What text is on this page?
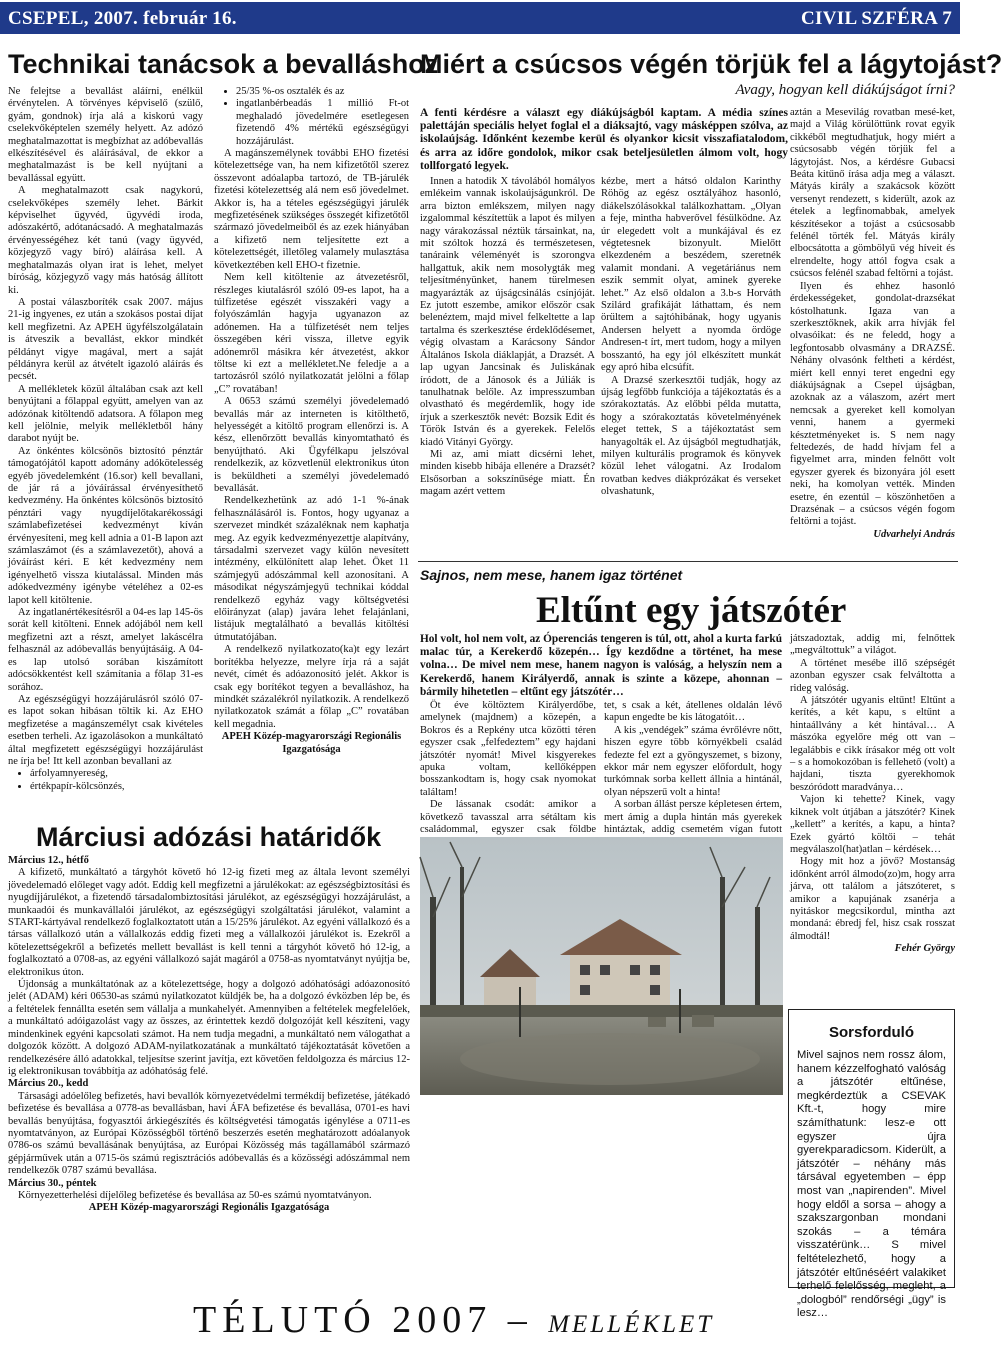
CSEPEL, 2007. február 16.	CIVIL SZFÉRA 7
Technikai tanácsok a bevalláshoz

Ne felejtse a bevallást aláírni, enélkül érvénytelen. A törvényes képviselő (szülő, gyám, gondnok) írja alá a kiskorú vagy cselekvőképtelen személy helyett. Az adózó meghatalmazottat is megbízhat az adóbevallás elkészítésével és aláírásával, de ekkor a meghatalmazást is be kell nyújtani a bevallással együtt.

A meghatalmazott csak nagykorú, cselekvőképes személy lehet. Bárkit képviselhet ügyvéd, ügyvédi iroda, adószakértő, adótanácsadó. A meghatalmazás érvényességéhez két tanú (vagy ügyvéd, közjegyző vagy bíró) aláírása kell. A meghatalmazás olyan irat is lehet, melyet bíróság, közjegyző vagy más hatóság állított ki.

A postai válaszboríték csak 2007. május 21-ig ingyenes, ez után a szokásos postai díjat kell megfizetni. Az APEH ügyfélszolgálatain is átveszik a bevallást, ekkor mindkét példányt vigye magával, mert a saját példányra kerül az átvételt igazoló aláírás és pecsét.

A mellékletek közül általában csak azt kell benyújtani a főlappal együtt, amelyen van az adózónak kitöltendő adatsora. A főlapon meg kell jelölnie, melyik mellékletből hány darabot nyújt be.

Az önkéntes kölcsönös biztosító pénztár támogatójától kapott adomány adókötelesség egyéb jövedelemként (16.sor) kell bevallani, de jár rá a jóváírással érvényesíthető kedvezmény. Ha önkéntes kölcsönös biztosító pénztári vagy nyugdíjelőtakarékossági számlabefizetései kedvezményt kíván érvényesíteni, meg kell adnia a 01-B lapon azt számlaszámot (és a számlavezetőt), ahová a jóváírást kéri. E két kedvezmény nem igényelhető vissza kiutalással. Minden más adókedvezmény igénybe vételéhez a 02-es lapot kell kitöltenie.

Az ingatlanértékesítésről a 04-es lap 145-ös sorát kell kitölteni. Ennek adójából nem kell megfizetni azt a részt, amelyet lakáscélra felhasznál az adóbevallás benyújtásáig. A 04-es lap utolsó sorában kiszámított adócsökkentést kell számítania a főlap 31-es sorához.

Az egészségügyi hozzájárulásról szóló 07-es lapot sokan hibásan töltik ki. Az EHO megfizetése a magánszemélyt csak kivételes esetben terheli. Az igazolásokon a munkáltató által megfizetett egészségügyi hozzájárulást ne írja be! Itt kell azonban bevallani az

• árfolyamnyereség,
• értékpapír-kölcsönzés,
• 25/35 %-os osztalék és az
• ingatlanbérbeadás 1 millió Ft-ot meghaladó jövedelmére esetlegesen fizetendő 4% mértékű egészségügyi hozzájárulást.

A magánszemélynek további EHO fizetési kötelezettsége van, ha nem kifizetőtől szerez összevont adóalapba tartozó, de TB-járulék fizetési kötelezettség alá nem eső jövedelmet. Akkor is, ha a tételes egészségügyi járulék megfizetésének szükséges összegét kifizetőtől származó jövedelmeiből és az ezek hiányában a kifizető nem teljesítette ezt a kötelezettségét, illetőleg valamely mulasztása következtében kell EHO-t fizetnie.

Nem kell kitöltenie az átvezetésről, részleges kiutalásról szóló 09-es lapot, ha a túlfizetése egészét visszakéri vagy a folyószámlán hagyja ugyanazon az adónemen. Ha a túlfizetését nem teljes összegében kéri vissza, illetve egyik adónemről másikra kér átvezetést, akkor töltse ki ezt a mellékletet.Ne feledje a a tartozásról szóló nyilatkozatát jelölni a főlap „C” rovatában!

A 0653 számú személyi jövedelemadó bevallás már az interneten is kitölthető, helyességét a kitöltő program ellenőrzi is. A kész, ellenőrzött bevallás kinyomtatható és benyújtható. Aki Ügyfélkapu jelszóval rendelkezik, az közvetlenül elektronikus úton is beküldheti a személyi jövedelemadó bevallását.

Rendelkezhetünk az adó 1-1 %-ának felhasználásáról is. Fontos, hogy ugyanaz a szervezet mindkét százaléknak nem kaphatja meg. Az egyik kedvezményezettje alapítvány, társadalmi szervezet vagy külön nevesített intézmény, elkülönített alap lehet. Öket 11 számjegyű adószámmal kell azonosítani. A másodikat négyszámjegyű technikai kóddal rendelkező egyház vagy költségvetési előirányzat (alap) javára lehet felajánlani, listájuk megtalálható a bevallás kitöltési útmutatójában.

A rendelkező nyilatkozato(ka)t egy lezárt borítékba helyezze, melyre írja rá a saját nevét, címét és adóazonosító jelét. Akkor is csak egy borítékot tegyen a bevalláshoz, ha mindkét százalékról nyilatkozik. A rendelkező nyilatkozatok számát a főlap „C” rovatában kell megadnia.

APEH Közép-magyarországi Regionális Igazgatósága

Miért a csúcsos végén törjük fel a lágytojást?
Avagy, hogyan kell diákújságot írni?
A fenti kérdésre a választ egy diákújságból kaptam. A média színes palettáján speciális helyet foglal el a diáksajtó, vagy másképpen szólva, az iskolaújság. Időnként kezembe kerül és olyankor kicsit visszafiatalodom, és arra az időre gondolok, mikor csak beteljesületlen álmom volt, hogy tollforgató legyek.

Innen a hatodik X távolából homályos emlékeim vannak iskolaújságunkról. De arra bizton emlékszem, milyen nagy izgalommal készítettük a lapot és milyen nagy várakozással néztük társainkat, na, mit szóltok hozzá és természetesen, tanáraink véleményét is szorongva hallgattuk, akik nem mosolygták meg teljesítményünket, hanem türelmesen magyarázták az újságcsinálás csínjóját. Ez jutott eszembe, amikor először csak belenéztem, majd mivel felkeltette a lap tartalma és szerkesztése érdeklődésemet, végig olvastam a Karácsony Sándor Általános Iskola diáklapját, a Drazsét. A lap ugyan Jancsinak és Juliskának íródott, de a Jánosok és a Júliák is tanulhatnak belőle. Az impresszumban olvastható és megérdemlik, hogy ide írjuk a szerkesztők nevét: Bozsik Edit és Török István és a gyerekek. Felelős kiadó Vitányi György.

Mi az, ami miatt dicsérni lehet, minden kisebb hibája ellenére a Drazsét? Elsősorban a sokszínűsége miatt. Én magam azért vettem

kézbe, mert a hátsó oldalon Karinthy Röhög az egész osztályához hasonló, diákelszólásokkal találkozhattam. „Olyan a feje, mintha habverővel fésülködne. Az úr elegedett volt a munkájával és ez végtetesnek bizonyult. Mielőtt elkezdeném a beszédem, szeretnék valamit mondani. A vegetáriánus nem eszik semmit olyat, aminek gyereke lehet.” Az első oldalon a 3.b-s Horváth Szilárd grafikáját láthattam, és nem örültem a sajtóhibának, hogy ugyanis Andersen helyett a nyomda ördöge Andresen-t írt, mert tudom, hogy a milyen bosszantó, ha egy jól elkészített munkát egy apró hiba elcsúfít.

A Drazsé szerkesztői tudják, hogy az újság legfőbb funkciója a tájékoztatás és a szórakoztatás. Az előbbi példa mutatta, hogy a szórakoztatás követelményének eleget tettek, S a tájékoztatást sem hanyagolták el. Az újságból megtudhatják, milyen kulturális programok és könyvek közül lehet válogatni. Az Irodalom rovatban kedves diákprózákat és verseket olvashatunk,

aztán a Mesevilág rovatban mesé-ket, majd a Világ körülöttünk rovat egyik cikkéből megtudhatjuk, hogy miért a csúcsosabb végén törjük fel a lágytojást. Nos, a kérdésre Gubacsi Beáta kitűnő írása adja meg a választ. Mátyás király a szakácsok között versenyt rendezett, s kiderült, azok az ételek a legfinomabbak, amelyek készítésekor a tojást a csúcsosabb felénél törték fel. Mátyás király elbocsátotta a gömbölyű vég híveit és elrendelte, hogy attól fogva csak a csúcsos felénél szabad feltörni a tojást.

Ilyen és ehhez hasonló érdekességeket, gondolat-drazsékat kóstolhatunk. Igaza van a szerkesztőknek, akik arra hívják fel olvasóikat: és ne feledd, hogy a legfontosabb olvasmány a DRAZSÉ. Néhány olvasónk feltheti a kérdést, miért kell ennyi teret engedni egy diákújságnak a Csepel újságban, azoknak az a válaszom, azért mert nemcsak a gyereket kell komolyan venni, hanem a gyermeki késztetményeket is. S nem nagy feltedezés, de hadd hívjam fel a figyelmet arra, minden felnőtt volt egyszer gyerek és bizonyára jól esett neki, ha komolyan vették. Minden esetre, én ezentúl – köszönhetően a Drazsénak – a csúcsos végén fogom feltörni a tojást.

Udvarhelyi András

Sajnos, nem mese, hanem igaz történet
Eltűnt egy játszótér
Hol volt, hol nem volt, az Óperenciás tengeren is túl, ott, ahol a kurta farkú malac túr, a Kerekerdő közepén… Így kezdődne a történet, ha mese volna… De mivel nem mese, hanem nagyon is valóság, a helyszín nem a Kerekerdő, hanem Királyerdő, annak is szinte a közepe, ahonnan – bármily hihetetlen – eltűnt egy játszótér…

Öt éve költöztem Királyerdőbe, amelynek (majdnem) a közepén, a Bokros és a Repkény utca közötti téren egyszer csak „felfedeztem” egy hajdani játszótér nyomát! Mivel kisgyerekes apuka voltam, kellőképpen bosszankodtam is, hogy csak nyomokat találtam!

De lássanak csodát: amikor a következő tavasszal arra sétáltam kis családommal, egyszer csak földbe

tet, s csak a két, átellenes oldalán lévő kapun engedte be kis látogatóit…

A kis „vendégek” száma évrőlévre nőtt, hiszen egyre több környékbeli család fedezte fel ezt a gyöngyszemet, s bizony, ekkor már nem egyszer előfordult, hogy turkómnak sorba kellett állnia a hintánál, olyan népszerű volt a hinta!

A sorban állást persze képletesen értem, mert ámig a dupla hintán más gyerekek hintáztak, addig csemetém vígan futott

játszadoztak, addig mi, felnőttek „megváltottuk” a világot.

A történet mesébe illő szépségét azonban egyszer csak felváltotta a rideg valóság.

A játszótér ugyanis eltűnt! Eltűnt a kerítés, a két kapu, s eltűnt a hintaállvány a két hintával… A mászóka egyelőre még ott van – legalábbis e cikk írásakor még ott volt – s a homokozóban is fellehető (volt) a hajdani, tiszta gyerekhomok beszóródott maradványa…

Vajon ki tehette? Kinek, vagy kiknek volt útjában a játszótér? Kinek „kellett” a kerítés, a kapu, a hinta? Ezek gyártó költői – tehát megválaszol(hat)atlan – kérdések…

Hogy mit hoz a jövő? Mostanság időnként arról álmodo(zo)m, hogy arra járva, ott találom a játszóteret, s amikor a kapujának zsanérja a nyitáskor megcsikordul, mintha azt mondaná: ébredj fel, hisz csak rosszat álmodtál!

Fehér György

Sorsforduló
Mivel sajnos nem rossz álom, hanem kézzelfogható valóság a játszótér eltűnése, megkérdeztük a CSEVAK Kft.-t, hogy mire számíthatunk: lesz-e ott egyszer újra gyerekparadicsom. Kiderült, a játszótér – néhány más társával egyetemben – épp most van „napirenden”. Mivel hogy eldől a sorsa – ahogy a szakszargonban mondani szokás – a témára visszatérünk… S mivel feltételezhető, hogy a játszótér eltűnéséért valakiket terhelő felelősség, megleht, a „dologból” rendőrségi „ügy” is lesz…
Márciusi adózási határidők

Március 12., hétfő

A kifizető, munkáltató a tárgyhót követő hó 12-ig fizeti meg az általa levont személyi jövedelemadó előleget vagy adót. Eddig kell megfizetni a járulékokat: az egészségbiztosítási és nyugdíjjárulékot, a fizetendő társadalombiztosítási járulékot, az egészségügyi hozzájárulást, a munkaadói és munkavállalói járulékot, az egészségügyi szolgáltatási járulékot, valamint a START-kártyával rendelkező foglalkoztatott után a 15/25% járulékot. Az egyéni vállalkozó és a társas vállalkozó után a vállalkozás eddig fizeti meg a vállalkozói járulékot is. Ezekről a kötelezettségekről a befizetés mellett bevallást is kell tenni a tárgyhót követő hó 12-ig, a foglalkoztató a 0708-as, az egyéni vállalkozó saját magáról a 0758-as nyomtatványt nyújtja be, elektronikus úton.

Újdonság a munkáltatónak az a kötelezettsége, hogy a dolgozó adóhatósági adóazonosító jelét (ADAM) kéri 06530-as számú nyilatkozatot küldjék be, ha a dolgozó évközben lép be, és a feltételek fennállta esetén sem vállalja a munkahelyét. Amennyiben a feltételek megfelelőek, a munkáltató adóigazolást vagy az összes, az érintettek kezdő dolgozóját kell készíteni, vagy mindenkinek egyéni kapcsolati számot. Ha nem tudja megadni, a munkáltató nem válogathat a dolgozók között. A dolgozó ADAM-nyilatkozatának a munkáltató tájékoztatását követően a rendelkezésére álló adatokkal, teljesítse szerint javítja, ezt követően feldolgozza és március 12-ig elektronikusan továbbítja az adóhatóság felé.

Március 20., kedd

Társasági adóelőleg befizetés, havi bevallók környezetvédelmi termékdíj befizetése, játékadó befizetése és bevallása a 0778-as bevallásban, havi ÁFA befizetése és bevallása, 0701-es havi bevallás benyújtása, fogyasztói árkiegészítés és költségvetési támogatás igénylése a 0711-es nyomtatványon, az Európai Közösségből történő beszerzés esetén meghatározott adóalanyok 0786-os számú bevallásának benyújtása, az Európai Közösség más tagállamából származó gépjárművek után a 0715-ös számú regisztrációs adóbevallás és a közösségi adószámmal nem rendelkezők 0787 számú bevallása.

Március 30., péntek

Környezetterhelési díjelőleg befizetése és bevallása az 50-es számú nyomtatványon.

APEH Közép-magyarországi Regionális Igazgatósága

TÉLUTÓ 2007 – MELLÉKLET
